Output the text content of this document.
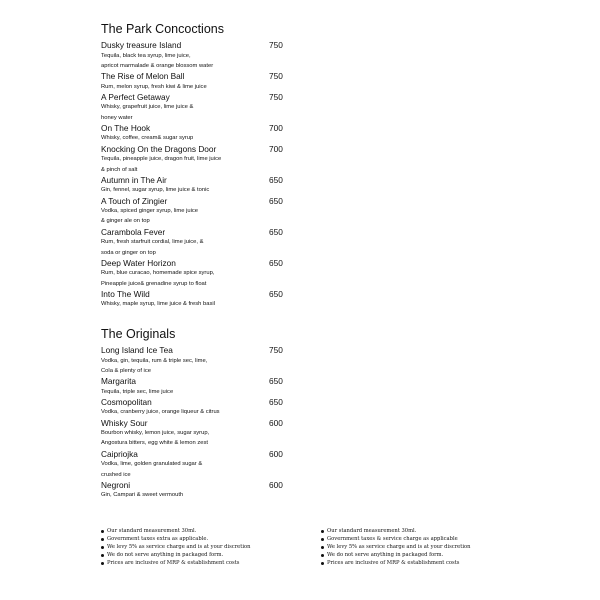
The Park Concoctions
Dusky treasure Island	750
Tequila, black tea syrup, lime juice,
apricot marmalade & orange blossom water
The Rise of Melon Ball	750
Rum, melon syrup, fresh kiwi & lime juice
A Perfect Getaway	750
Whisky, grapefruit juice, lime juice &
honey water
On The Hook	700
Whisky, coffee, cream& sugar syrup
Knocking On the Dragons Door	700
Tequila, pineapple juice, dragon fruit, lime juice
& pinch of salt
Autumn in The Air	650
Gin, fennel, sugar syrup, lime juice & tonic
A Touch of Zingier	650
Vodka, spiced ginger syrup, lime juice
& ginger ale on top
Carambola Fever	650
Rum, fresh starfruit cordial, lime juice, &
soda or ginger on top
Deep Water Horizon	650
Rum, blue curacao, homemade spice syrup,
Pineapple juice& grenadine syrup to float
Into The Wild	650
Whisky, maple syrup, lime juice & fresh basil
The Originals
Long Island Ice Tea	750
Vodka, gin, tequila, rum & triple sec, lime,
Cola & plenty of ice
Margarita	650
Tequila, triple sec, lime juice
Cosmopolitan	650
Vodka, cranberry juice, orange liqueur & citrus
Whisky Sour	600
Bourbon whisky, lemon juice, sugar syrup,
Angostura bitters, egg white & lemon zest
Caipriojka	600
Vodka, lime, golden granulated sugar &
crushed ice
Negroni	600
Gin, Campari & sweet vermouth
Our standard measurement 30ml.
Government taxes extra as applicable.
We levy 5% as service charge and is at your discretion
We do not serve anything in packaged form.
Prices are inclusive of MRP & establishment costs
Our standard measurement 30ml.
Government taxes & service charge as applicable
We levy 5% as service charge and is at your discretion
We do not serve anything in packaged form.
Prices are inclusive of MRP & establishment costs
